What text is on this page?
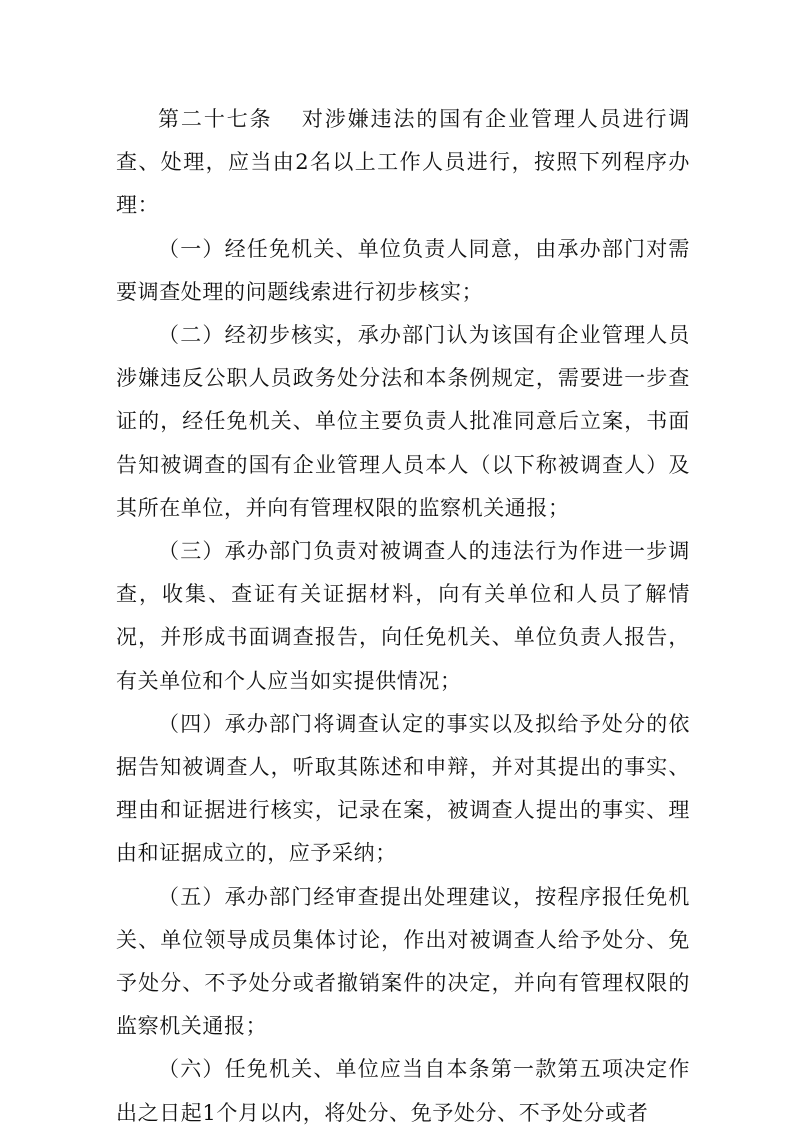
第二十七条 对涉嫌违法的国有企业管理人员进行调查、处理，应当由2名以上工作人员进行，按照下列程序办理：

（一）经任免机关、单位负责人同意，由承办部门对需要调查处理的问题线索进行初步核实；

（二）经初步核实，承办部门认为该国有企业管理人员涉嫌违反公职人员政务处分法和本条例规定，需要进一步查证的，经任免机关、单位主要负责人批准同意后立案，书面告知被调查的国有企业管理人员本人（以下称被调查人）及其所在单位，并向有管理权限的监察机关通报；

（三）承办部门负责对被调查人的违法行为作进一步调查，收集、查证有关证据材料，向有关单位和人员了解情况，并形成书面调查报告，向任免机关、单位负责人报告，有关单位和个人应当如实提供情况；

（四）承办部门将调查认定的事实以及拟给予处分的依据告知被调查人，听取其陈述和申辩，并对其提出的事实、理由和证据进行核实，记录在案，被调查人提出的事实、理由和证据成立的，应予采纳；

（五）承办部门经审查提出处理建议，按程序报任免机关、单位领导成员集体讨论，作出对被调查人给予处分、免予处分、不予处分或者撤销案件的决定，并向有管理权限的监察机关通报；

（六）任免机关、单位应当自本条第一款第五项决定作出之日起1个月以内，将处分、免予处分、不予处分或者
